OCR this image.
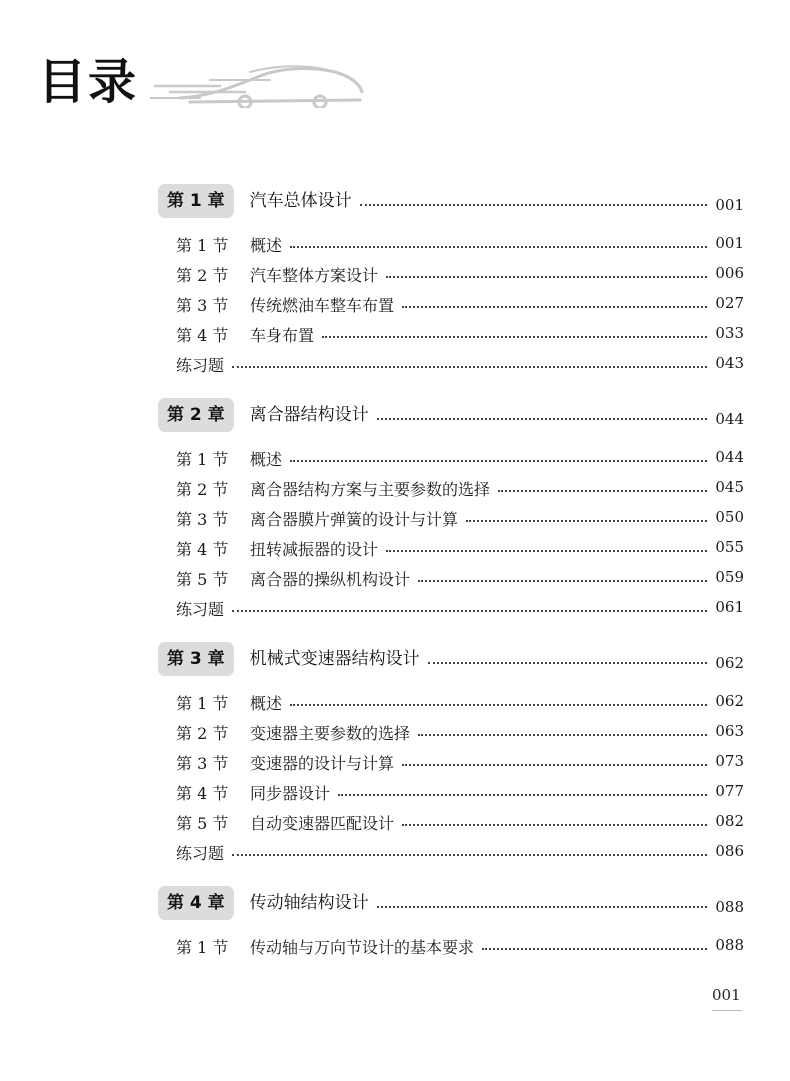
目录
第 1 章	汽车总体设计	001
第 1 节	概述	001
第 2 节	汽车整体方案设计	006
第 3 节	传统燃油车整车布置	027
第 4 节	车身布置	033
练习题	043
第 2 章	离合器结构设计	044
第 1 节	概述	044
第 2 节	离合器结构方案与主要参数的选择	045
第 3 节	离合器膜片弹簧的设计与计算	050
第 4 节	扭转减振器的设计	055
第 5 节	离合器的操纵机构设计	059
练习题	061
第 3 章	机械式变速器结构设计	062
第 1 节	概述	062
第 2 节	变速器主要参数的选择	063
第 3 节	变速器的设计与计算	073
第 4 节	同步器设计	077
第 5 节	自动变速器匹配设计	082
练习题	086
第 4 章	传动轴结构设计	088
第 1 节	传动轴与万向节设计的基本要求	088
001
